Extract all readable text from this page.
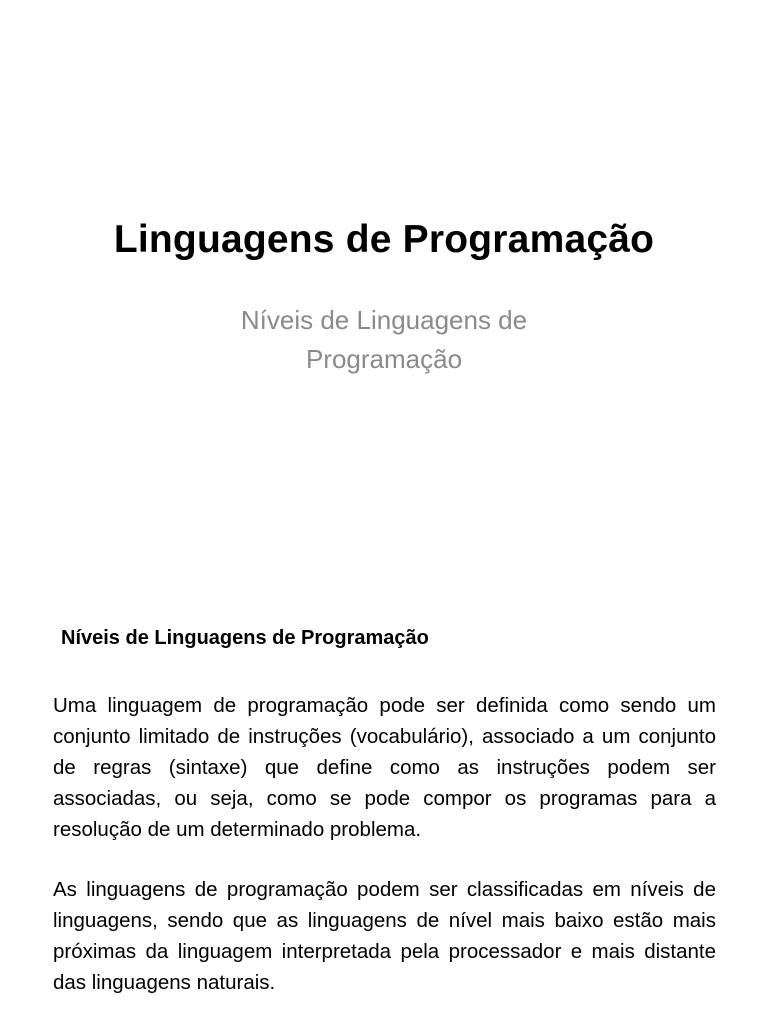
Linguagens de Programação

Níveis de Linguagens de Programação

Níveis de Linguagens de Programação

Uma linguagem de programação pode ser definida como sendo um conjunto limitado de instruções (vocabulário), associado a um conjunto de regras (sintaxe) que define como as instruções podem ser associadas, ou seja, como se pode compor os programas para a resolução de um determinado problema.

As linguagens de programação podem ser classificadas em níveis de linguagens, sendo que as linguagens de nível mais baixo estão mais próximas da linguagem interpretada pela processador e mais distante das linguagens naturais.
